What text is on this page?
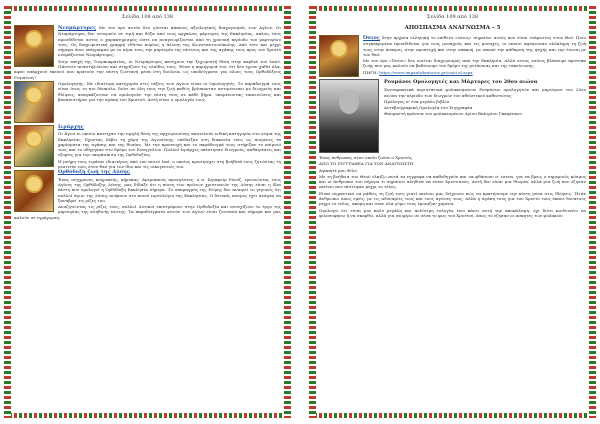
Σελίδα 108 από 138

Νεομάρτυρες Με τον όρο αυτόν δεν γίνεται κάποιος αξιολογικός διαχωρισμός των Αγίων. Οι Νεομάρτυρες δεν υστερούν σε τιμή και δόξα από τους αρχαίους μάρτυρες της Εκκλησίας, απλώς τους προσδίδεται αυτός ο χαρακτηρισμός ώστε να αναγνωρίζονται από τη χρονική περίοδο του μαρτυρίου τους. Ως διαχωριστική γραμμή τίθεται κυρίως η άλωση της Κωνσταντινούπολης. Από τότε και μέχρι σήμερα όσοι υπέγραψαν με το αίμα τους την μαρτυρία της πίστεως και της αγάπης τους προς τον Χριστό ονομάζονται Νεομάρτυρες.

Στην εποχή της Τουρκοκρατίας, οι Νεομάρτυρες κατέχουν την ξεχωριστή θέση στην καρδιά του λαού. Πάντοτε αναστηλώνουν και στηρίζουν τις ελπίδες τους. Ήταν η παρηγοριά του, ότι δεν έχουν χαθεί όλα, αφού υπάρχουν εκείνοι που κρατούν την πίστη ζωντανή μέσα στη δουλεία, ως υποδείγματα για όλους τους Ορθοδόξους Ρωμαίους!

Ομολογητής: Με ιδιαίτερη κατηγορία στις τάξεις των Αγίων είναι οι Ομολογητές. Το παράδειγμά τους είναι ίσως το πιο δύσκολο, διότι σε όλη τους την ζωή καθώς βρίσκονταν αντιμέτωποι με διωγμούς και θλίψεις, αναγκάζονταν να ομολογούν την πίστη τους σε κάθε βήμα, υπομένοντας ταπεινώσεις και βασανιστήρια για την αγάπη του Χριστού. Αυτή είναι η ομολογία τους.

Ιεράρχης

Οι Άγιοι οι οποίοι κατείχαν την υψηλή θέση της αρχιερωσύνης αποτελούν ειδική κατηγορία στο σώμα της Εκκλησίας. Εχοντας λάβει τη χάρη της Αγιοσύνης, επέδειξαν στη διακονία τους ως ποιμένες τα χαρίσματα της αγάπης και της θυσίας. Με την προσευχή και το παράδειγμά τους στήριξαν το ποίμνιό τους και το οδήγησαν στο δρόμο του Ευαγγελίου. Πολλοί Ιεράρχες υπέστησαν διωγμούς, καθαιρέσεις και εξορίες για την υπεράσπιση της Ορθοδοξίας.

Η μνήμη τους τιμάται ιδιαιτέρως από τον πιστό λαό, ο οποίος προστρέχει στη βοήθειά τους ζητώντας τη μεσιτεία τους στον Θεό για τον ίδιο και τις οικογένειές του.

Ορθόδοξη ζωή της Δύσης

Ένας σύγχρονος κνηρυκτής, κήρυκας- Αμερικανός προσηλυτος- ο π. Σεραφείμ Ρόουζ, ερευνώντας τους Αγίους της Ορθόδοξης Δύσης, μας δίδαξε ότι η πίστη των πρώτων χριστιανών της Δύσης είναι η ίδια πίστη που ομολογεί η Ορθόδοξη Εκκλησία σήμερα. Το σπαραγμός της Ρώμης δεν αναιρεί το γεγονός ότι πολλοί άγιοι της Δύσης ανήκουν στο κοινό εορτολόγιο της Εκκλησίας. Ο δυτικός κόσμος έχει ανάγκη να ξαναβρεί τις ρίζες του.

Αναζητώντας τις ρίζες τους, πολλοί Δυτικοί επιστρέφουν στην Ορθοδοξία και συνεχίζουν το έργο της μαρτυρίας της αληθινής πίστης. Τα παραδείγματα αυτών των Αγίων είναι ζωντανά και σήμερα και μας καλούν σε εγρήγορση.

Σελίδα 109 από 138
ΑΠΟΣΠΑΣΜΑ ΑΝΑΓΝΩΣΜΑ – 5

Όσιος Στην αρχαία ελληνική το επίθετο «όσιος» σημαίνει αυτός που είναι ευάρεστος στον Θεό. Ποιο συγκεκριμένα προσδίδεται για τους μοναχούς και τις μοναχές, οι οποίοι αφιέρωσαν ολόκληρη τη ζωή τους στην άσκηση, στην προσευχή και στην υπακοή, με σκοπό την κάθαρση της ψυχής και την ένωση με τον Θεό.

Με τον όρο «Όσιοι» δεν νοείται διαχωρισμός από την Εκκλησία, αλλά στους οσίους βλέπουμε πρότυπα ζωής που μας καλούν να βαδίσουμε τον δρόμο της μετάνοιας και της ταπείνωσης.

ΠΗΓΗ: https://www.impantokratoros.gr/osioi.el.aspx

Ρουμάνοι Ομολογητές και Μάρτυρες του 20ου αιώνα

Συνταρακτικά περιστατικά φυλακισμένων Ρουμάνων ομολογητών και μαρτύρων του 20ου αιώνα την περίοδο των διωγμών του αθεϊστικού καθεστώτος

Πρόλογος σ' ένα μεγάλο βιβλίο

Αυτοβιογραφική Ομολογία του Συγγραφέα

Θαυμαστή πρόνοια του φυλακισμένου Αγίου Βαλερίου Γκαφένκου

Ένας άνθρωπος στον οποίο ζούσε ο Χριστός

ΑΠΟ ΤΟ ΣΥΓΓΡΑΦΕΑ ΓΙΑ ΤΟΝ ΑΝΑΓΝΩΣΤΗ

Αγαπητέ μου Φίλε,

Με τη βοήθεια του Θεού ελπίζω αυτά τα έγγραφα να καθοδηγούν και να φθάσουν σ' εσένα, για να βρεις ο σημερινός κόσμος και οι άνθρωποι του σήμερα τι σημαίνει αληθινά να είσαι Χριστιανός. Αυτή δεν είναι μια θεωρία, αλλά μια ζωή που έζησαν εκείνοι που πίστεψαν μέχρι το τέλος.

Είναι σημαντικό να μάθεις τη ζωή τους γιατί εκείνοι μας δείχνουν πώς να κρατήσουμε την πίστη μέσα στις θλίψεις. Ήταν άνθρωποι όπως εμείς, με τις αδυναμίες τους και τους αγώνες τους, αλλά η αγάπη τους για τον Χριστό τους έκανε δυνατούς μέχρι το τέλος, ακόμη και όταν όλα γύρω τους έμοιαζαν χαμένα.

Ομολογώ ότι είναι μια πολύ μεγάλη και πολύτιμη ευλογία, που κάνει αυτή την αποκάλυψη: όχι διότι κινδυνεύω να φιλοσοφήσω ή να σκεφθώ, αλλά για να φέρω σε σένα το φως του Χριστού, όπως το έζησαν οι ασκητές των φυλακών.
